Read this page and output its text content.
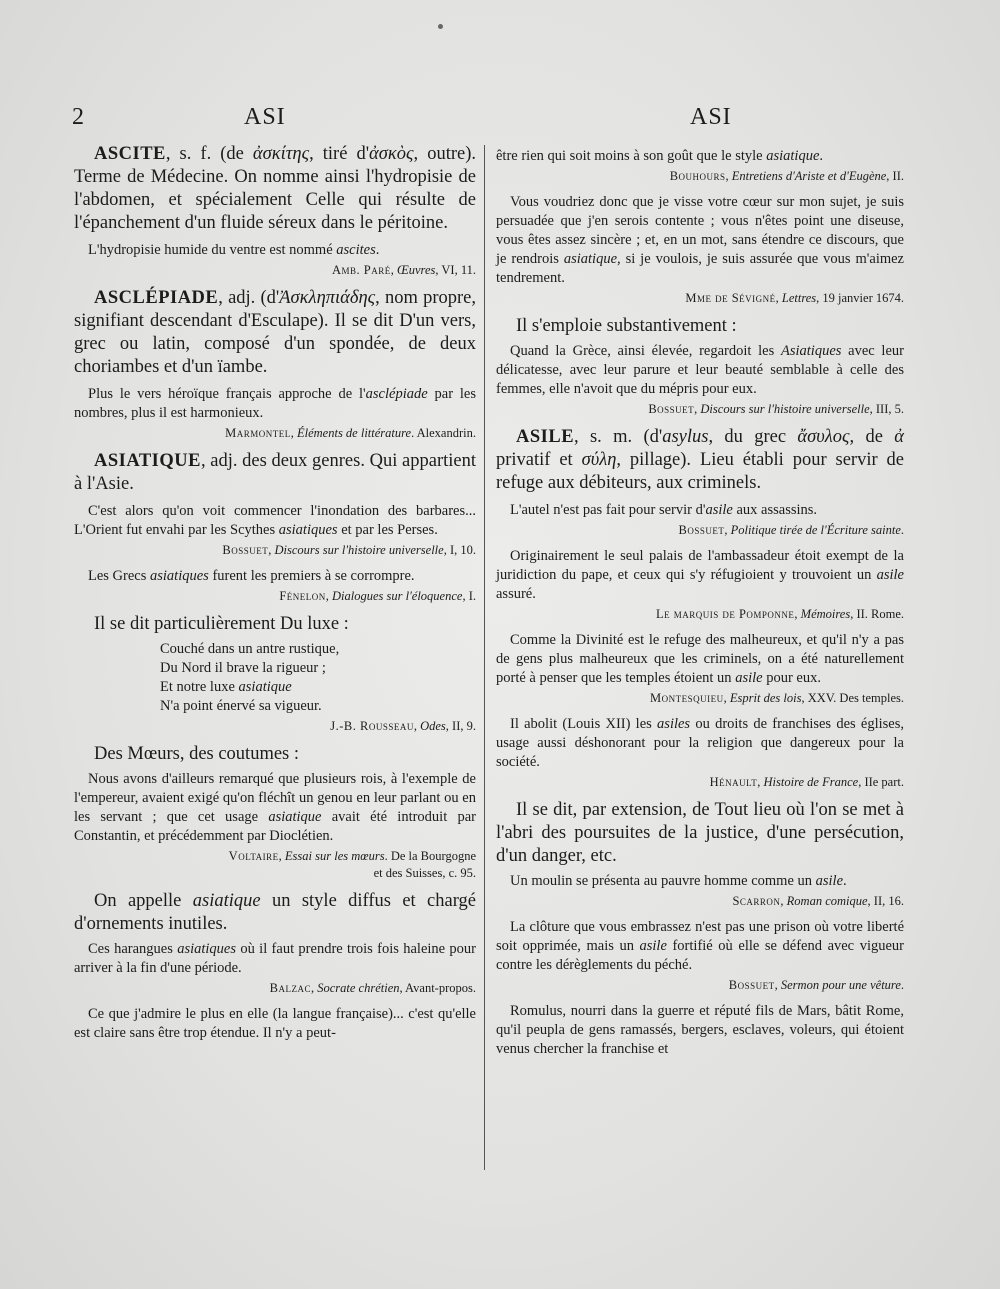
2	ASI	ASI

ASCITE, s. f. (de ἀσκίτης, tiré d'ἀσκὸς, outre). Terme de Médecine. On nomme ainsi l'hydropisie de l'abdomen, et spécialement Celle qui résulte de l'épanchement d'un fluide séreux dans le péritoine.

L'hydropisie humide du ventre est nommé ascites.

Amb. Paré, Œuvres, VI, 11.

ASCLÉPIADE, adj. (d'Ἀσκληπιάδης, nom propre, signifiant descendant d'Esculape). Il se dit D'un vers, grec ou latin, composé d'un spondée, de deux choriambes et d'un ïambe.

Plus le vers héroïque français approche de l'asclépiade par les nombres, plus il est harmonieux.

Marmontel, Éléments de littérature. Alexandrin.

ASIATIQUE, adj. des deux genres. Qui appartient à l'Asie.

C'est alors qu'on voit commencer l'inondation des barbares... L'Orient fut envahi par les Scythes asiatiques et par les Perses.

Bossuet, Discours sur l'histoire universelle, I, 10.

Les Grecs asiatiques furent les premiers à se corrompre.

Fénelon, Dialogues sur l'éloquence, I.

Il se dit particulièrement Du luxe :

Couché dans un antre rustique,
Du Nord il brave la rigueur ;
Et notre luxe asiatique
N'a point énervé sa vigueur.

J.-B. Rousseau, Odes, II, 9.

Des Mœurs, des coutumes :

Nous avons d'ailleurs remarqué que plusieurs rois, à l'exemple de l'empereur, avaient exigé qu'on fléchît un genou en leur parlant ou en les servant ; que cet usage asiatique avait été introduit par Constantin, et précédemment par Dioclétien.

Voltaire, Essai sur les mœurs. De la Bourgogne
et des Suisses, c. 95.

On appelle asiatique un style diffus et chargé d'ornements inutiles.

Ces harangues asiatiques où il faut prendre trois fois haleine pour arriver à la fin d'une période.

Balzac, Socrate chrétien, Avant-propos.

Ce que j'admire le plus en elle (la langue française)... c'est qu'elle est claire sans être trop étendue. Il n'y a peut-

être rien qui soit moins à son goût que le style asiatique.

Bouhours, Entretiens d'Ariste et d'Eugène, II.

Vous voudriez donc que je visse votre cœur sur mon sujet, je suis persuadée que j'en serois contente ; vous n'êtes point une diseuse, vous êtes assez sincère ; et, en un mot, sans étendre ce discours, que je rendrois asiatique, si je voulois, je suis assurée que vous m'aimez tendrement.

Mme de Sévigné, Lettres, 19 janvier 1674.

Il s'emploie substantivement :

Quand la Grèce, ainsi élevée, regardoit les Asiatiques avec leur délicatesse, avec leur parure et leur beauté semblable à celle des femmes, elle n'avoit que du mépris pour eux.

Bossuet, Discours sur l'histoire universelle, III, 5.

ASILE, s. m. (d'asylus, du grec ἄσυλος, de ἀ privatif et σύλη, pillage). Lieu établi pour servir de refuge aux débiteurs, aux criminels.

L'autel n'est pas fait pour servir d'asile aux assassins.

Bossuet, Politique tirée de l'Écriture sainte.

Originairement le seul palais de l'ambassadeur étoit exempt de la juridiction du pape, et ceux qui s'y réfugioient y trouvoient un asile assuré.

Le marquis de Pomponne, Mémoires, II. Rome.

Comme la Divinité est le refuge des malheureux, et qu'il n'y a pas de gens plus malheureux que les criminels, on a été naturellement porté à penser que les temples étoient un asile pour eux.

Montesquieu, Esprit des lois, XXV. Des temples.

Il abolit (Louis XII) les asiles ou droits de franchises des églises, usage aussi déshonorant pour la religion que dangereux pour la société.

Hénault, Histoire de France, IIe part.

Il se dit, par extension, de Tout lieu où l'on se met à l'abri des poursuites de la justice, d'une persécution, d'un danger, etc.

Un moulin se présenta au pauvre homme comme un asile.

Scarron, Roman comique, II, 16.

La clôture que vous embrassez n'est pas une prison où votre liberté soit opprimée, mais un asile fortifié où elle se défend avec vigueur contre les dérèglements du péché.

Bossuet, Sermon pour une vêture.

Romulus, nourri dans la guerre et réputé fils de Mars, bâtit Rome, qu'il peupla de gens ramassés, bergers, esclaves, voleurs, qui étoient venus chercher la franchise et
